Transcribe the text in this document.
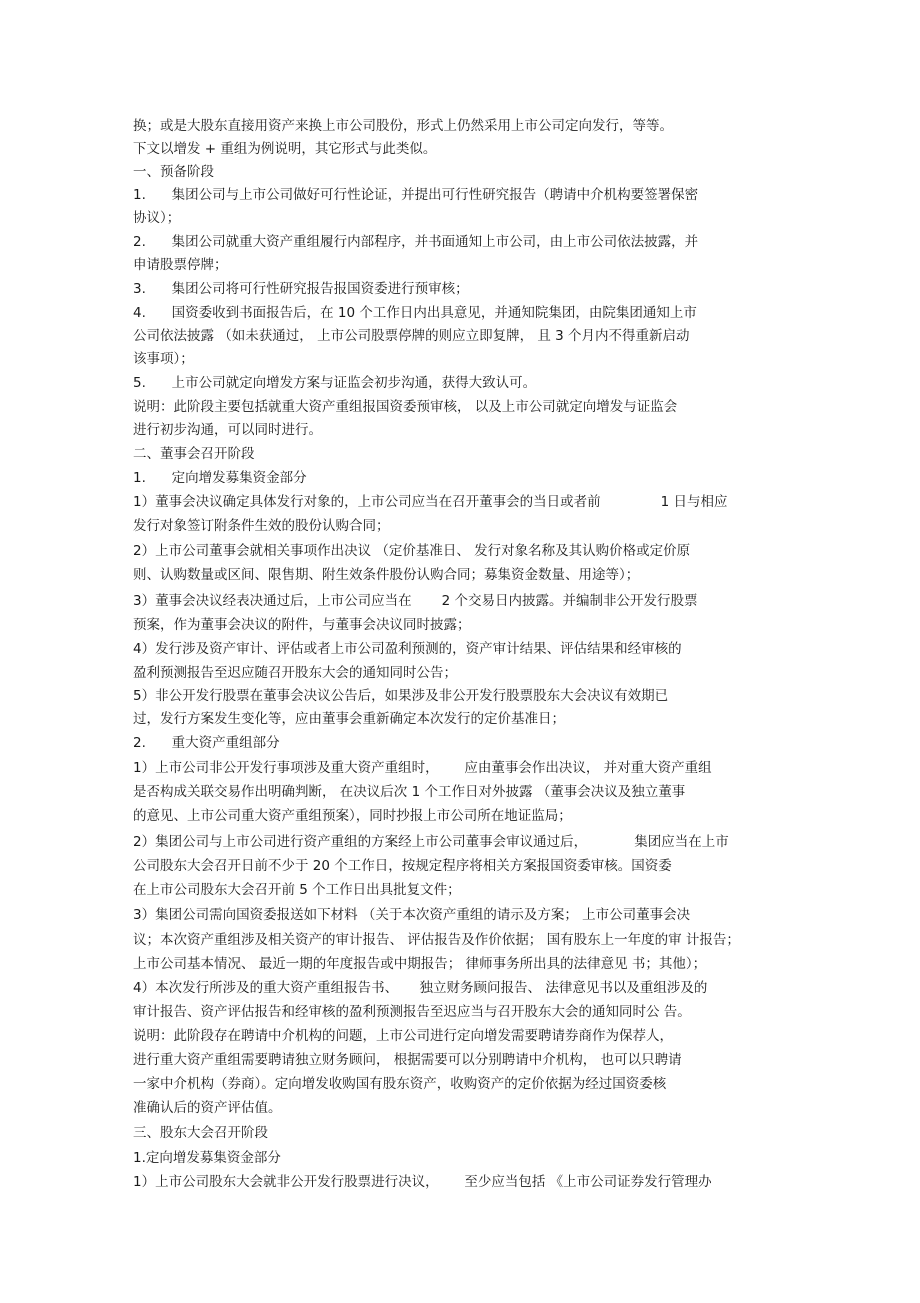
换；或是大股东直接用资产来换上市公司股份，形式上仍然采用上市公司定向发行，等等。
下文以增发 + 重组为例说明，其它形式与此类似。
一、预备阶段
1.      集团公司与上市公司做好可行性论证，并提出可行性研究报告（聘请中介机构要签署保密
协议）；
2.      集团公司就重大资产重组履行内部程序，并书面通知上市公司，由上市公司依法披露，并
申请股票停牌；
3.      集团公司将可行性研究报告报国资委进行预审核；
4.      国资委收到书面报告后，在 10 个工作日内出具意见，并通知院集团，由院集团通知上市
公司依法披露 （如未获通过， 上市公司股票停牌的则应立即复牌， 且 3 个月内不得重新启动
该事项）；
5.      上市公司就定向增发方案与证监会初步沟通，获得大致认可。
说明：此阶段主要包括就重大资产重组报国资委预审核， 以及上市公司就定向增发与证监会
进行初步沟通，可以同时进行。
二、董事会召开阶段
1.      定向增发募集资金部分
1）董事会决议确定具体发行对象的，上市公司应当在召开董事会的当日或者前              1 日与相应
发行对象签订附条件生效的股份认购合同；
2）上市公司董事会就相关事项作出决议 （定价基准日、 发行对象名称及其认购价格或定价原
则、认购数量或区间、限售期、附生效条件股份认购合同；募集资金数量、用途等）；
3）董事会决议经表决通过后，上市公司应当在       2 个交易日内披露。并编制非公开发行股票
预案，作为董事会决议的附件，与董事会决议同时披露；
4）发行涉及资产审计、评估或者上市公司盈利预测的，资产审计结果、评估结果和经审核的
盈利预测报告至迟应随召开股东大会的通知同时公告；
5）非公开发行股票在董事会决议公告后，如果涉及非公开发行股票股东大会决议有效期已
过，发行方案发生变化等，应由董事会重新确定本次发行的定价基准日；
2.      重大资产重组部分
1）上市公司非公开发行事项涉及重大资产重组时，      应由董事会作出决议， 并对重大资产重组
是否构成关联交易作出明确判断， 在决议后次 1 个工作日对外披露 （董事会决议及独立董事
的意见、上市公司重大资产重组预案），同时抄报上市公司所在地证监局；
2）集团公司与上市公司进行资产重组的方案经上市公司董事会审议通过后，           集团应当在上市
公司股东大会召开日前不少于 20 个工作日，按规定程序将相关方案报国资委审核。国资委
在上市公司股东大会召开前 5 个工作日出具批复文件；
3）集团公司需向国资委报送如下材料 （关于本次资产重组的请示及方案； 上市公司董事会决
议；本次资产重组涉及相关资产的审计报告、 评估报告及作价依据； 国有股东上一年度的审 计报告；
上市公司基本情况、 最近一期的年度报告或中期报告； 律师事务所出具的法律意见 书；其他）；
4）本次发行所涉及的重大资产重组报告书、     独立财务顾问报告、 法律意见书以及重组涉及的
审计报告、资产评估报告和经审核的盈利预测报告至迟应当与召开股东大会的通知同时公 告。
说明：此阶段存在聘请中介机构的问题，上市公司进行定向增发需要聘请券商作为保荐人，
进行重大资产重组需要聘请独立财务顾问， 根据需要可以分别聘请中介机构， 也可以只聘请
一家中介机构（券商）。定向增发收购国有股东资产，收购资产的定价依据为经过国资委核
准确认后的资产评估值。
三、股东大会召开阶段
1.定向增发募集资金部分
1）上市公司股东大会就非公开发行股票进行决议，      至少应当包括 《上市公司证券发行管理办
